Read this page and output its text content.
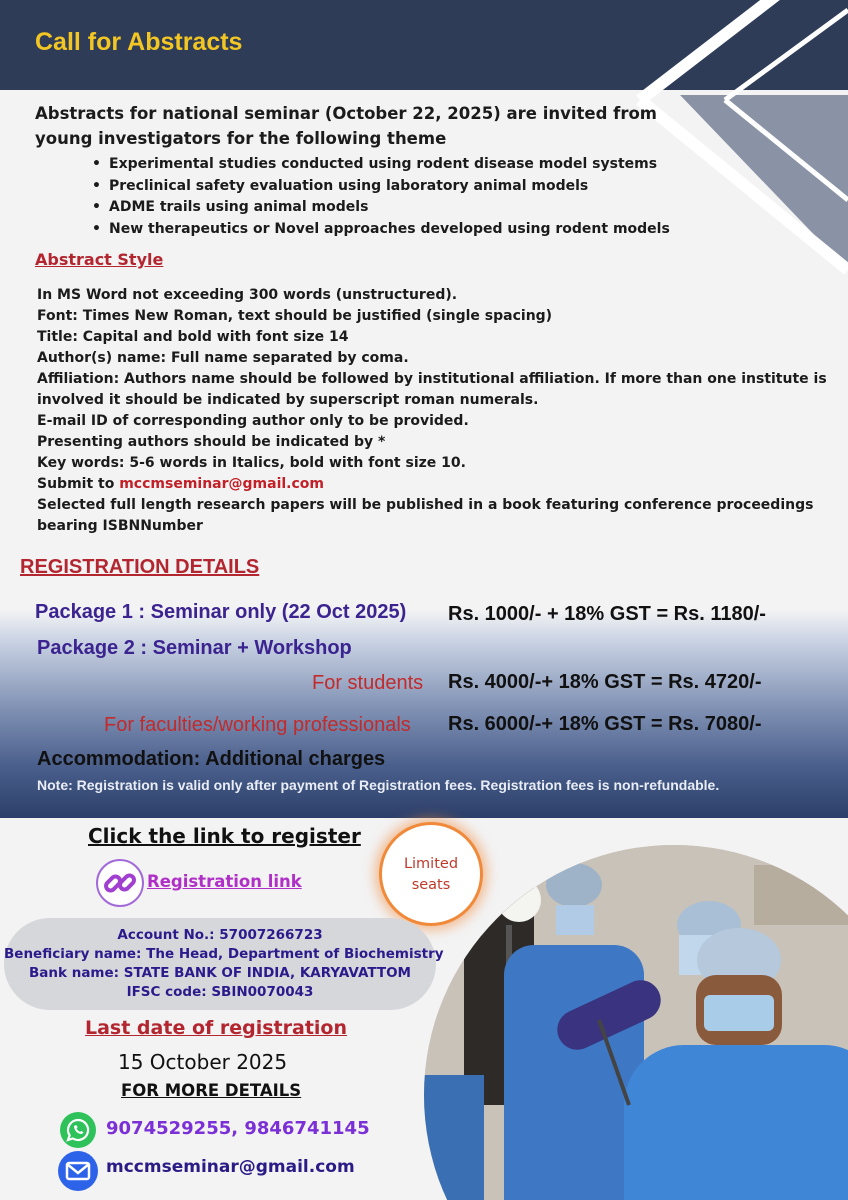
Call for Abstracts

Abstracts for national seminar (October 22, 2025) are invited from young investigators for the following theme

• Experimental studies conducted using rodent disease model systems
• Preclinical safety evaluation using laboratory animal models
• ADME trails using animal models
• New therapeutics or Novel approaches developed using rodent models
Abstract Style
In MS Word not exceeding 300 words (unstructured).
Font: Times New Roman, text should be justified (single spacing)
Title: Capital and bold with font size 14
Author(s) name: Full name separated by coma.
Affiliation: Authors name should be followed by institutional affiliation. If more than one institute is involved it should be indicated by superscript roman numerals.
E-mail ID of corresponding author only to be provided.
Presenting authors should be indicated by *
Key words: 5-6 words in Italics, bold with font size 10.
Submit to mccmseminar@gmail.com
Selected full length research papers will be published in a book featuring conference proceedings bearing ISBNNumber
REGISTRATION DETAILS
Package 1 : Seminar only (22 Oct 2025) Rs. 1000/- + 18% GST = Rs. 1180/-
Package 2 : Seminar + Workshop
For students Rs. 4000/-+ 18% GST = Rs. 4720/-
For faculties/working professionals Rs. 6000/-+ 18% GST = Rs. 7080/-
Accommodation: Additional charges
Note: Registration is valid only after payment of Registration fees. Registration fees is non-refundable.
Click the link to register
Registration link
Limited
seats
Account No.: 57007266723
Beneficiary name: The Head, Department of Biochemistry
Bank name: STATE BANK OF INDIA, KARYAVATTOM
IFSC code: SBIN0070043
Last date of registration
15 October 2025
FOR MORE DETAILS
9074529255, 9846741145
mccmseminar@gmail.com
